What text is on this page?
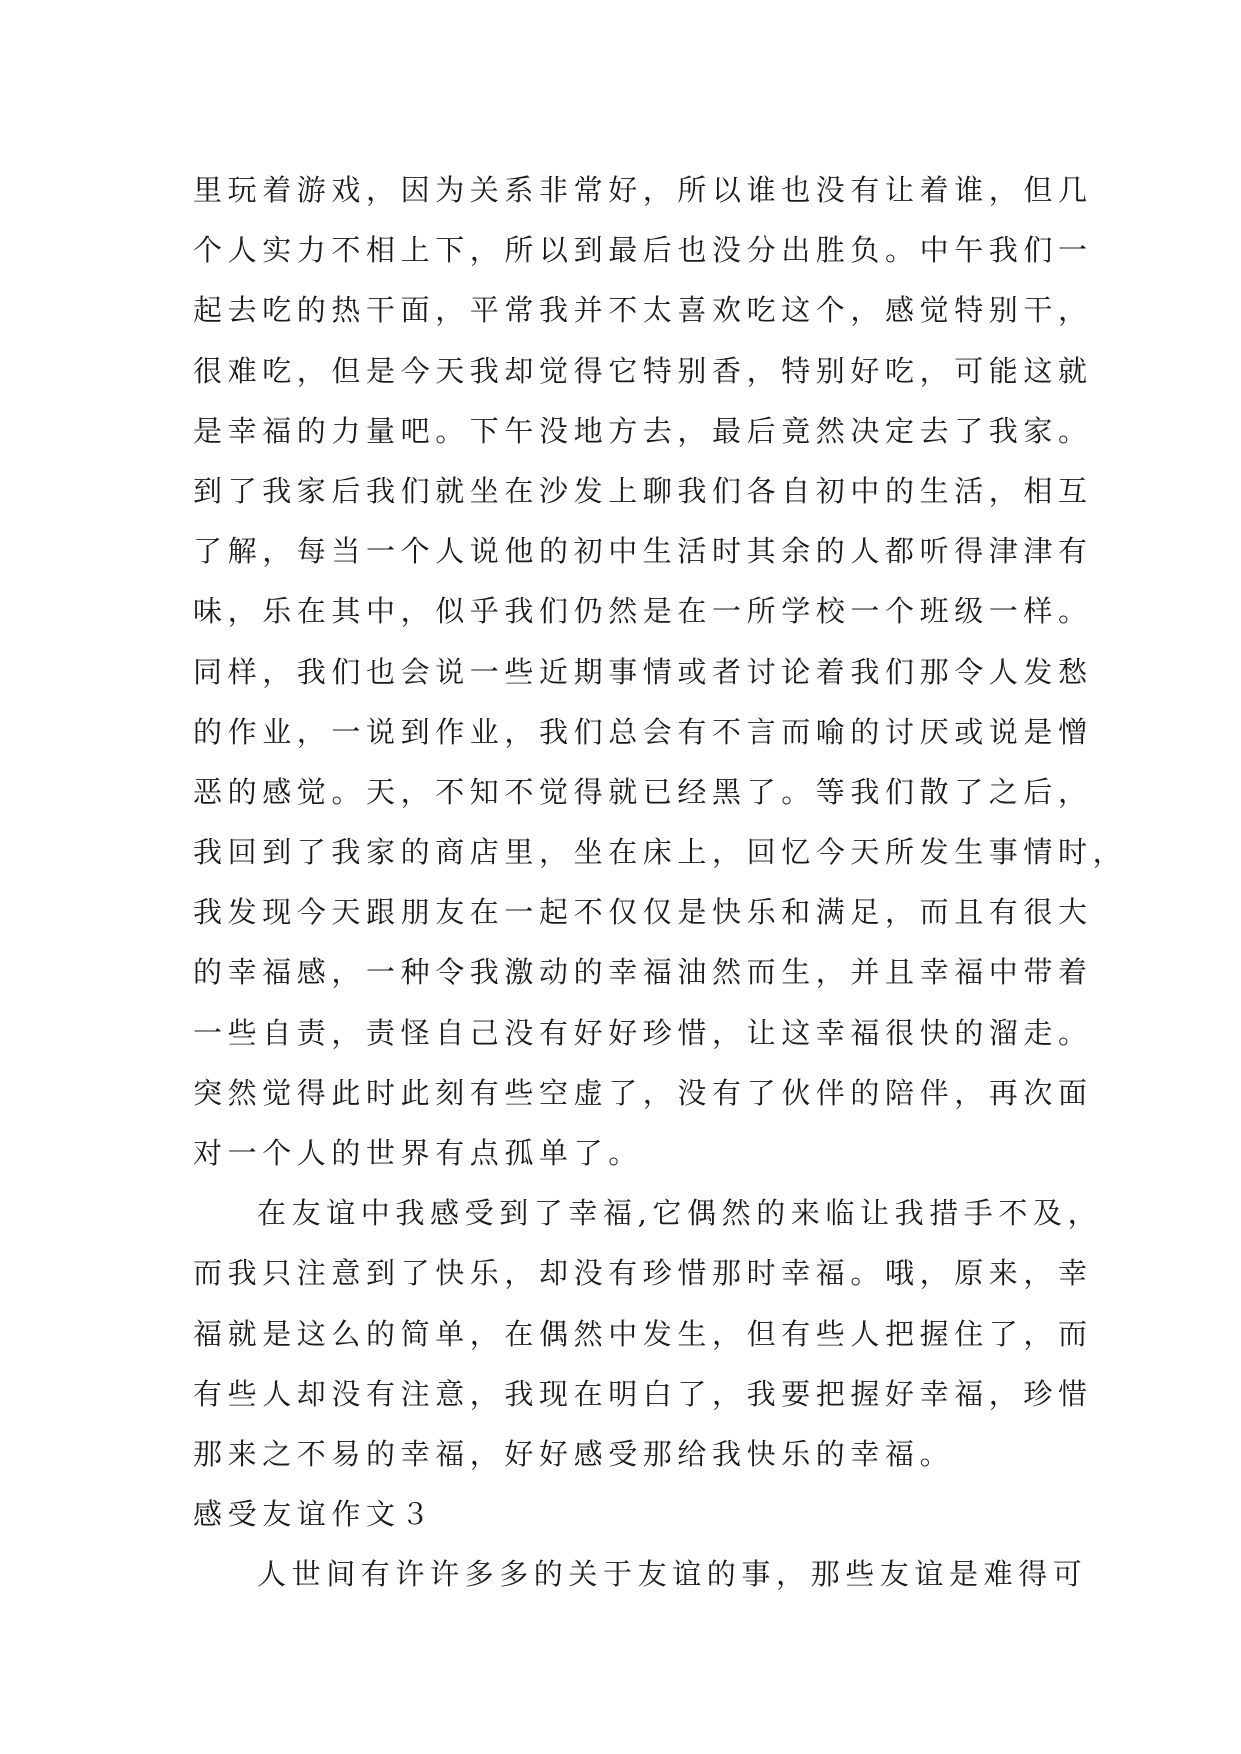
里玩着游戏，因为关系非常好，所以谁也没有让着谁，但几
个人实力不相上下，所以到最后也没分出胜负。中午我们一
起去吃的热干面，平常我并不太喜欢吃这个，感觉特别干，
很难吃，但是今天我却觉得它特别香，特别好吃，可能这就
是幸福的力量吧。下午没地方去，最后竟然决定去了我家。
到了我家后我们就坐在沙发上聊我们各自初中的生活，相互
了解，每当一个人说他的初中生活时其余的人都听得津津有
味，乐在其中，似乎我们仍然是在一所学校一个班级一样。
同样，我们也会说一些近期事情或者讨论着我们那令人发愁
的作业，一说到作业，我们总会有不言而喻的讨厌或说是憎
恶的感觉。天，不知不觉得就已经黑了。等我们散了之后，
我回到了我家的商店里，坐在床上，回忆今天所发生事情时，
我发现今天跟朋友在一起不仅仅是快乐和满足，而且有很大
的幸福感，一种令我激动的幸福油然而生，并且幸福中带着
一些自责，责怪自己没有好好珍惜，让这幸福很快的溜走。
突然觉得此时此刻有些空虚了，没有了伙伴的陪伴，再次面
对一个人的世界有点孤单了。
在友谊中我感受到了幸福,它偶然的来临让我措手不及，
而我只注意到了快乐，却没有珍惜那时幸福。哦，原来，幸
福就是这么的简单，在偶然中发生，但有些人把握住了，而
有些人却没有注意，我现在明白了，我要把握好幸福，珍惜
那来之不易的幸福，好好感受那给我快乐的幸福。
感受友谊作文３
人世间有许许多多的关于友谊的事，那些友谊是难得可
